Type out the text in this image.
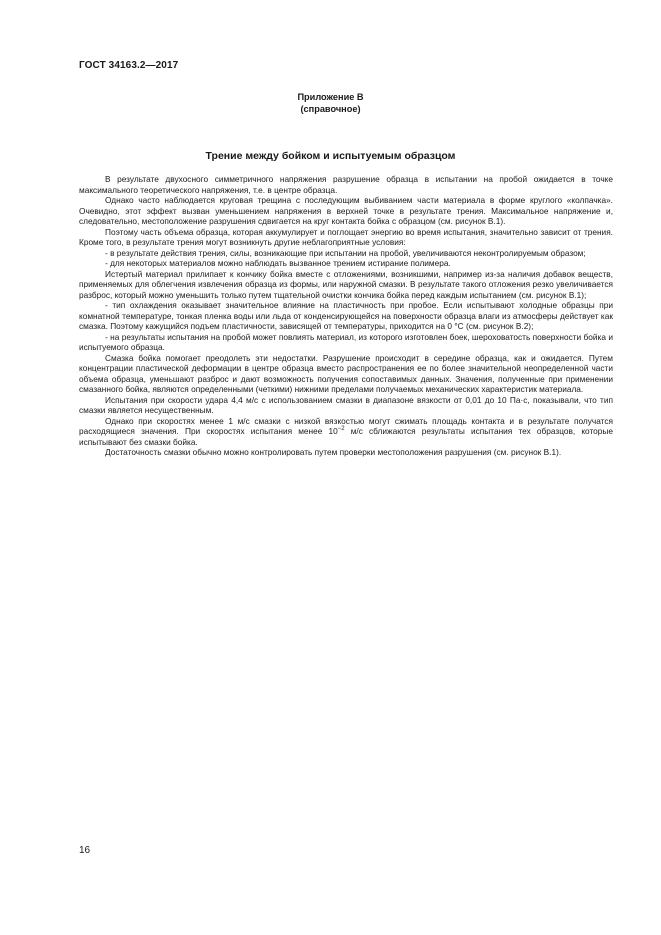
ГОСТ 34163.2—2017
Приложение В
(справочное)
Трение между бойком и испытуемым образцом

В результате двухосного симметричного напряжения разрушение образца в испытании на пробой ожидается в точке максимального теоретического напряжения, т.е. в центре образца.

Однако часто наблюдается круговая трещина с последующим выбиванием части материала в форме круглого «колпачка». Очевидно, этот эффект вызван уменьшением напряжения в верхней точке в результате трения. Максимальное напряжение и, следовательно, местоположение разрушения сдвигается на круг контакта бойка с образцом (см. рисунок В.1).

Поэтому часть объема образца, которая аккумулирует и поглощает энергию во время испытания, значительно зависит от трения. Кроме того, в результате трения могут возникнуть другие неблагоприятные условия:

- в результате действия трения, силы, возникающие при испытании на пробой, увеличиваются неконтролируемым образом;

- для некоторых материалов можно наблюдать вызванное трением истирание полимера.

Истертый материал прилипает к кончику бойка вместе с отложениями, возникшими, например из-за наличия добавок веществ, применяемых для облегчения извлечения образца из формы, или наружной смазки. В результате такого отложения резко увеличивается разброс, который можно уменьшить только путем тщательной очистки кончика бойка перед каждым испытанием (см. рисунок В.1);

- тип охлаждения оказывает значительное влияние на пластичность при пробое. Если испытывают холодные образцы при комнатной температуре, тонкая пленка воды или льда от конденсирующейся на поверхности образца влаги из атмосферы действует как смазка. Поэтому кажущийся подъем пластичности, зависящей от температуры, приходится на 0 °С (см. рисунок В.2);

- на результаты испытания на пробой может повлиять материал, из которого изготовлен боек, шероховатость поверхности бойка и испытуемого образца.

Смазка бойка помогает преодолеть эти недостатки. Разрушение происходит в середине образца, как и ожидается. Путем концентрации пластической деформации в центре образца вместо распространения ее по более значительной неопределенной части объема образца, уменьшают разброс и дают возможность получения сопоставимых данных. Значения, полученные при применении смазанного бойка, являются определенными (четкими) нижними пределами получаемых механических характеристик материала.

Испытания при скорости удара 4,4 м/с с использованием смазки в диапазоне вязкости от 0,01 до 10 Па·с, показывали, что тип смазки является несущественным.

Однако при скоростях менее 1 м/с смазки с низкой вязкостью могут сжимать площадь контакта и в результате получатся расходящиеся значения. При скоростях испытания менее $10^{-2}$ м/с сближаются результаты испытания тех образцов, которые испытывают без смазки бойка.

Достаточность смазки обычно можно контролировать путем проверки местоположения разрушения (см. рисунок В.1).

16
